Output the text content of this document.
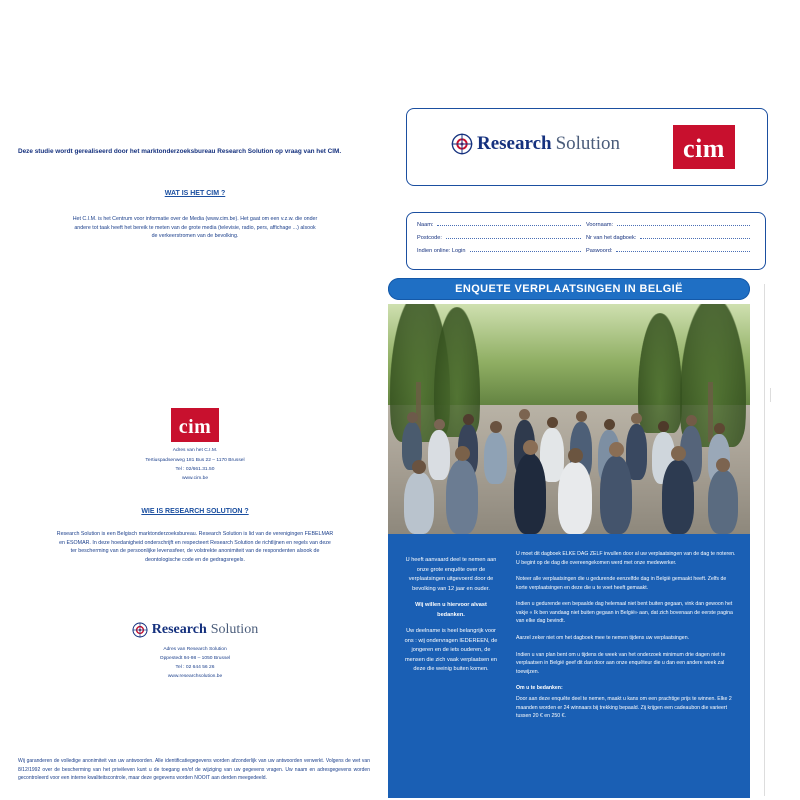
Deze studie wordt gerealiseerd door het marktonderzoeksbureau Research Solution op vraag van het CIM.
WAT IS HET CIM ?
Het C.I.M. is het Centrum voor informatie over de Media (www.cim.be). Het gaat om een v.z.w. die onder andere tot taak heeft het bereik te meten van de grote media (televisie, radio, pers, affichage ...) alsook de verkeerstromen van de bevolking.
cim
Adres van het C.I.M.
Tertiuspadsenweg 181 Bus 22 – 1170 Brussel
Tel : 02/661.31.50
www.cim.be
WIE IS RESEARCH SOLUTION ?
Research Solution is een Belgisch marktonderzoeksbureau. Research Solution is lid van de verenigingen FEBELMAR en ESOMAR. In deze hoedanigheid onderschrijft en respecteert Research Solution de richtlijnen en regels van deze ter bescherming van de persoonlijke levenssfeer, de volstrekte anonimiteit van de respondenten alsook de deontologische code en de gedragsregels.
Research Solution
Adres van Research Solution
Oppestedt 94-98 – 1050 Brussel
Tel : 02 644 56 26
www.researchsolution.be
Wij garanderen de volledige anonimiteit van uw antwoorden. Alle identificatiegegevens worden afzonderlijk van uw antwoorden verwerkt. Volgens de wet van 8/12/1992 over de bescherming van het privéleven kunt u de toegang en/of de wijziging van uw gegevens vragen. Uw naam en adresgegevens worden gecontroleerd voor een interne kwaliteitscontrole, maar deze gegevens worden NOOIT aan derden meegedeeld.
Research Solution	cim
Naam:	Voornaam:
Postcode:	Nr van het dagboek:
Indien online: Login	Paswoord:
ENQUETE VERPLAATSINGEN IN BELGIË
U heeft aanvaard deel te nemen aan onze grote enquête over de verplaatsingen uitgevoerd door de bevolking van 12 jaar en ouder.
Wij willen u hiervoor alvast bedanken.
Uw deelname is heel belangrijk voor ons : wij ondervragen IEDEREEN, de jongeren en de iets ouderen, de mensen die zich vaak verplaatsen en deze die weinig buiten komen.

U moet dit dagboek ELKE DAG ZELF invullen door al uw verplaatsingen van de dag te noteren. U begint op de dag die overeengekomen werd met onze medewerker.

Noteer alle verplaatsingen die u gedurende eenzelfde dag in België gemaakt heeft. Zelfs de korte verplaatsingen en deze die u te voet heeft gemaakt.

Indien u gedurende een bepaalde dag helemaal niet bent buiten gegaan, vink dan gewoon het vakje « Ik ben vandaag niet buiten gegaan in België» aan, dat zich bovenaan de eerste pagina van elke dag bevindt.

Aarzel zeker niet om het dagboek mee te nemen tijdens uw verplaatsingen.

Indien u van plan bent om u tijdens de week van het onderzoek minimum drie dagen niet te verplaatsen in België geef dit dan door aan onze enquêteur die u dan een andere week zal toewijzen.

Om u te bedanken:

Door aan deze enquête deel te nemen, maakt u kans om een prachtige prijs te winnen. Elke 2 maanden worden er 24 winnaars bij trekking bepaald. Zij krijgen een cadeaubon die varieert tussen 20 € en 250 €.
